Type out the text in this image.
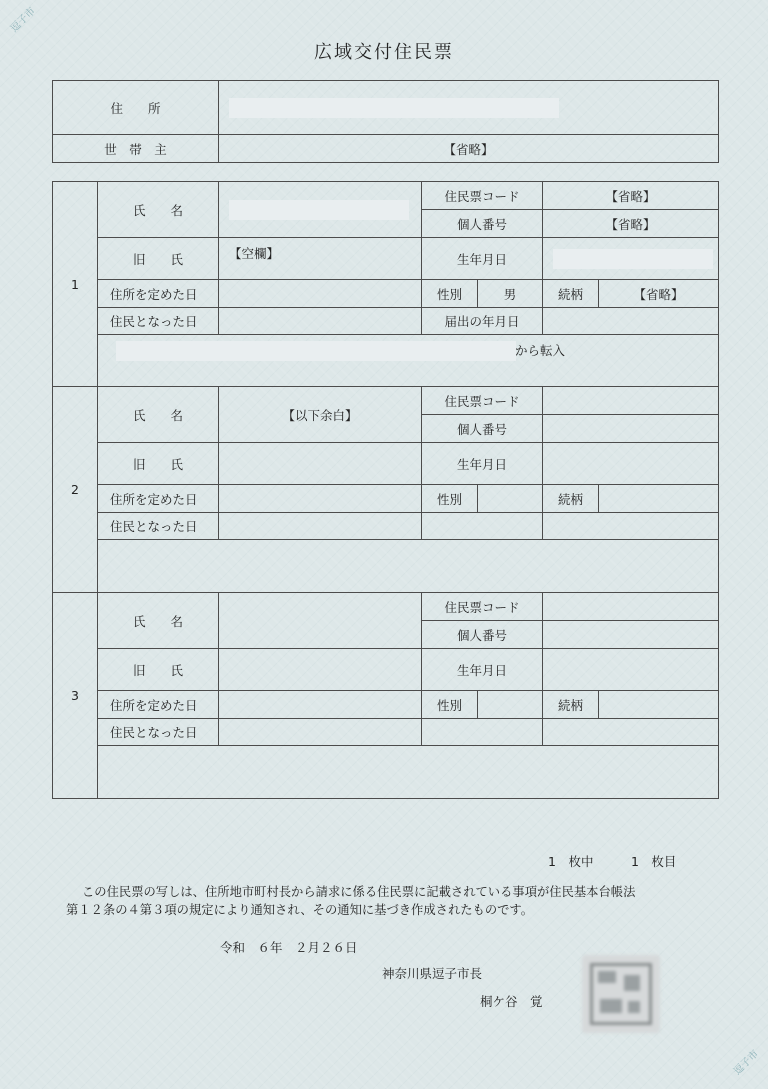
逗子市
逗子市
広域交付住民票
住　　所	
世　帯　主	【省略】
1	氏　　名		住民票コード		【省略】	
			個人番号		【省略】	
	旧　　氏	【空欄】	生年月日			
	住所を定めた日		性別	男	続柄	【省略】
	住民となった日		届出の年月日			

	から転入					
2	氏　　名	【以下余白】	住民票コード			
			個人番号			
	旧　　氏		生年月日			
	住所を定めた日		性別		続柄	
	住民となった日					

3	氏　　名		住民票コード			
			個人番号			
	旧　　氏		生年月日			
	住所を定めた日		性別		続柄	
	住民となった日					

1　枚中　　　1　枚目
この住民票の写しは、住所地市町村長から請求に係る住民票に記載されている事項が住民基本台帳法
第１２条の４第３項の規定により通知され、その通知に基づき作成されたものです。
令和　６年　２月２６日
神奈川県逗子市長
桐ケ谷　覚
